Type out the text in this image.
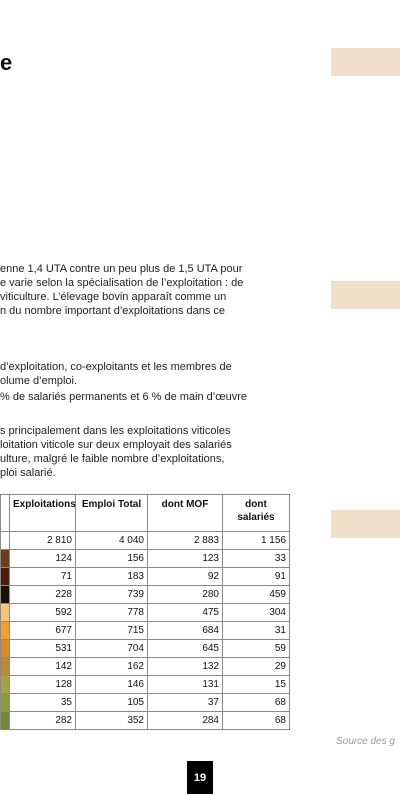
e

enne 1,4 UTA contre un peu plus de 1,5 UTA pour
e varie selon la spécialisation de l’exploitation : de
viticulture. L’élevage bovin apparaît comme un
n du nombre important d’exploitations dans ce

d’exploitation, co-exploitants et les membres de
olume d’emploi.

% de salariés permanents et 6 % de main d’œuvre

s principalement dans les exploitations viticoles
loitation viticole sur deux employait des salariés
ulture, malgré le faible nombre d’exploitations,
ploi salarié.

	Exploitations	Emploi Total	dont MOF	dont salariés
	2 810	4 040	2 883	1 156
	124	156	123	33
	71	183	92	91
	228	739	280	459
	592	778	475	304
	677	715	684	31
	531	704	645	59
	142	162	132	29
	128	146	131	15
	35	105	37	68
	282	352	284	68

Source des g

19
